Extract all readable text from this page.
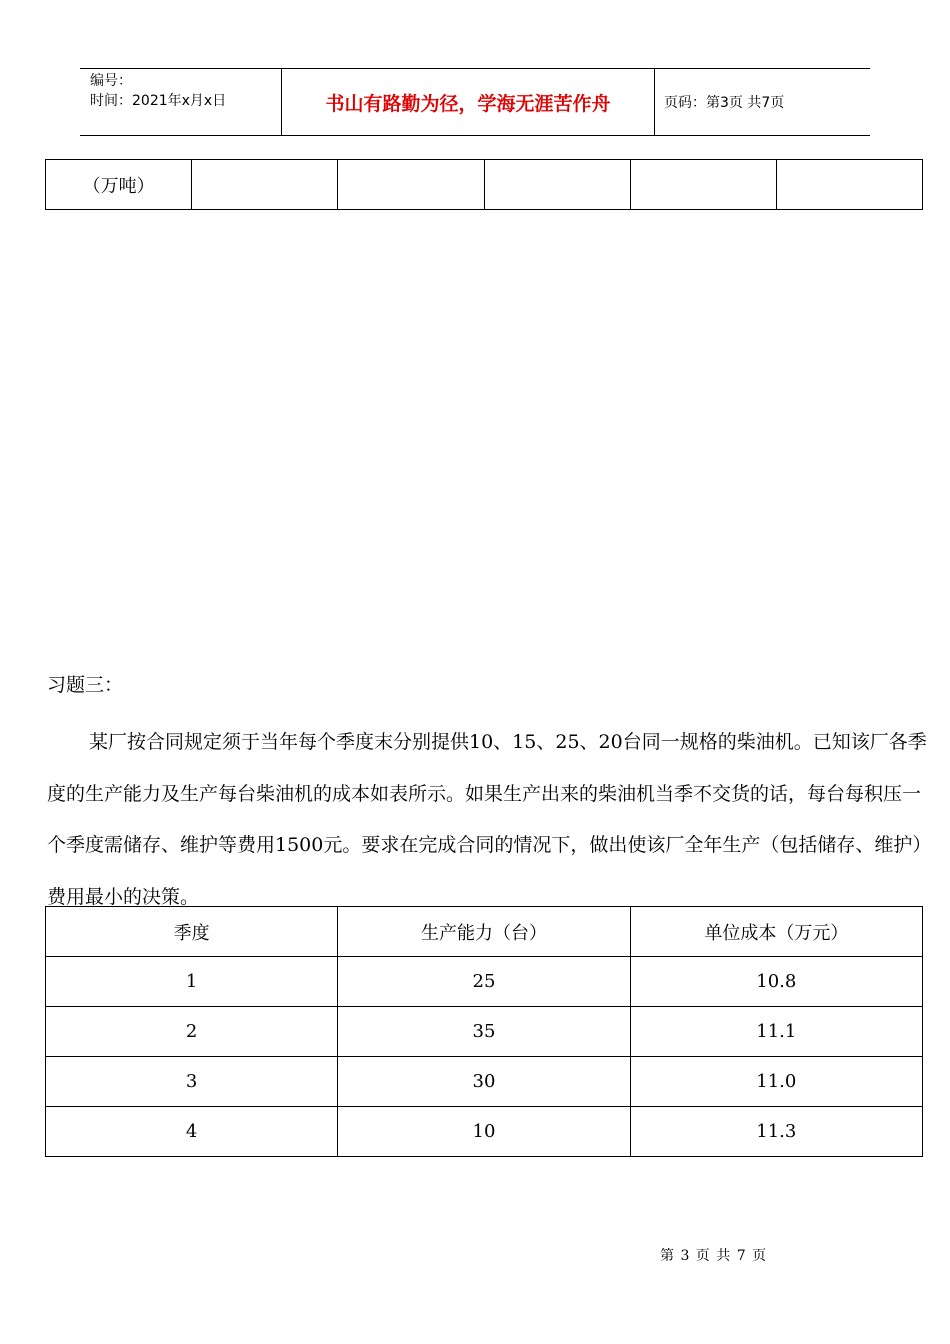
编号：
时间：2021年x月x日	书山有路勤为径，学海无涯苦作舟	页码：第3页 共7页
（万吨）					
习题三：
某厂按合同规定须于当年每个季度末分别提供10、15、25、20台同一规格的柴油机。已知该厂各季度的生产能力及生产每台柴油机的成本如表所示。如果生产出来的柴油机当季不交货的话，每台每积压一个季度需储存、维护等费用1500元。要求在完成合同的情况下，做出使该厂全年生产（包括储存、维护）费用最小的决策。
季度	生产能力（台）	单位成本（万元）
1	25	10.8
2	35	11.1
3	30	11.0
4	10	11.3
第 3 页 共 7 页
